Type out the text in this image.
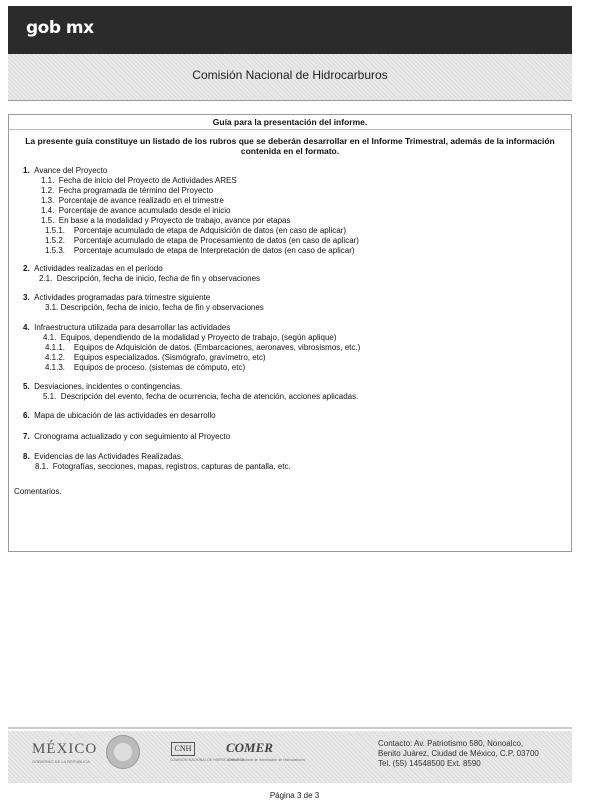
gob mx
Comisión Nacional de Hidrocarburos
Guía para la presentación del informe.
La presente guía constituye un listado de los rubros que se deberán desarrollar en el Informe Trimestral, además de la información contenida en el formato.
1. Avance del Proyecto
1.1. Fecha de inicio del Proyecto de Actividades ARES
1.2. Fecha programada de término del Proyecto
1.3. Porcentaje de avance realizado en el trimestre
1.4. Porcentaje de avance acumulado desde el inicio
1.5. En base a la modalidad y Proyecto de trabajo, avance por etapas
1.5.1. Porcentaje acumulado de etapa de Adquisición de datos (en caso de aplicar)
1.5.2. Porcentaje acumulado de etapa de Procesamiento de datos (en caso de aplicar)
1.5.3. Porcentaje acumulado de etapa de Interpretación de datos (en caso de aplicar)
2. Actividades realizadas en el período
2.1. Descripción, fecha de inicio, fecha de fin y observaciones
3. Actividades programadas para trimestre siguiente
3.1. Descripción, fecha de inicio, fecha de fin y observaciones
4. Infraestructura utilizada para desarrollar las actividades
4.1. Equipos, dependiendo de la modalidad y Proyecto de trabajo, (según aplique)
4.1.1. Equipos de Adquisición de datos. (Embarcaciones, aeronaves, vibrosismos, etc.)
4.1.2. Equipos especializados. (Sismógrafo, gravímetro, etc)
4.1.3. Equipos de proceso. (sistemas de cómputo, etc)
5. Desviaciones, incidentes o contingencias.
5.1. Descripción del evento, fecha de ocurrencia, fecha de atención, acciones aplicadas.
6. Mapa de ubicación de las actividades en desarrollo
7. Cronograma actualizado y con seguimiento al Proyecto
8. Evidencias de las Actividades Realizadas.
8.1. Fotografías, secciones, mapas, registros, capturas de pantalla, etc.
Comentarios.
MÉXICO
GOBIERNO DE LA REPÚBLICA
CNH
COMISIÓN NACIONAL DE HIDROCARBUROS
COMER
Centro Nacional de Información de Hidrocarburos
Contacto: Av. Patriotismo 580, Nonoalco,
Benito Juárez, Ciudad de México, C.P. 03700
Tel. (55) 14548500 Ext. 8590
Página 3 de 3
